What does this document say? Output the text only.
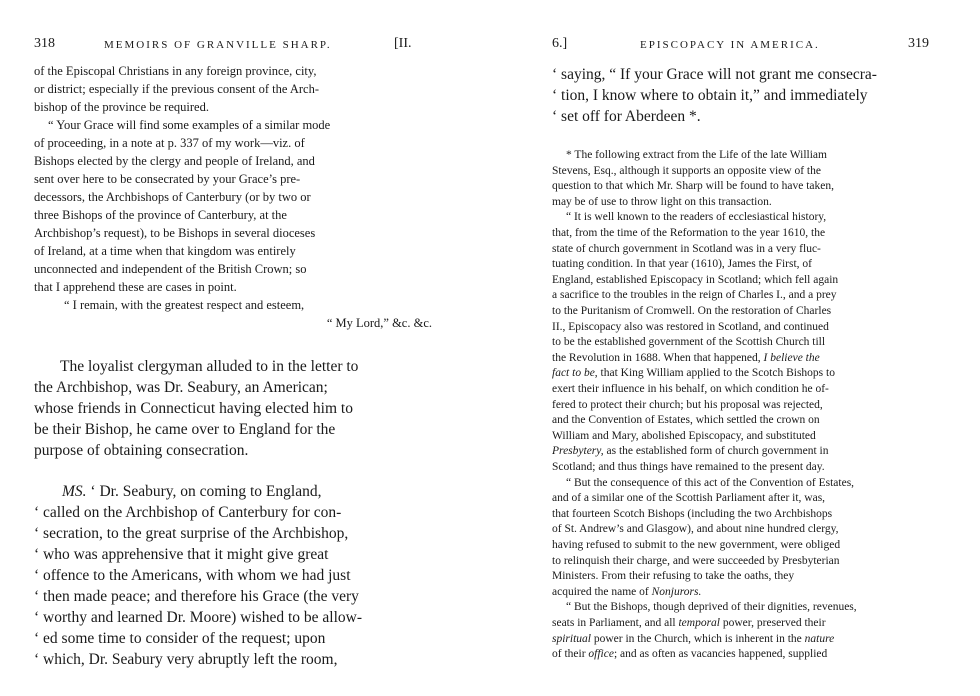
318	MEMOIRS OF GRANVILLE SHARP.	[II.
of the Episcopal Christians in any foreign province, city,
or district; especially if the previous consent of the Arch-
bishop of the province be required.
“ Your Grace will find some examples of a similar mode
of proceeding, in a note at p. 337 of my work—viz. of
Bishops elected by the clergy and people of Ireland, and
sent over here to be consecrated by your Grace’s pre-
decessors, the Archbishops of Canterbury (or by two or
three Bishops of the province of Canterbury, at the
Archbishop’s request), to be Bishops in several dioceses
of Ireland, at a time when that kingdom was entirely
unconnected and independent of the British Crown; so
that I apprehend these are cases in point.
“ I remain, with the greatest respect and esteem,
“ My Lord,” &c. &c.
The loyalist clergyman alluded to in the letter to
the Archbishop, was Dr. Seabury, an American;
whose friends in Connecticut having elected him to
be their Bishop, he came over to England for the
purpose of obtaining consecration.
MS. ‘ Dr. Seabury, on coming to England,
‘ called on the Archbishop of Canterbury for con-
‘ secration, to the great surprise of the Archbishop,
‘ who was apprehensive that it might give great
‘ offence to the Americans, with whom we had just
‘ then made peace; and therefore his Grace (the very
‘ worthy and learned Dr. Moore) wished to be allow-
‘ ed some time to consider of the request; upon
‘ which, Dr. Seabury very abruptly left the room,
6.]	EPISCOPACY IN AMERICA.	319
‘ saying, “ If your Grace will not grant me consecra-
‘ tion, I know where to obtain it,” and immediately
‘ set off for Aberdeen *.
* The following extract from the Life of the late William
Stevens, Esq., although it supports an opposite view of the
question to that which Mr. Sharp will be found to have taken,
may be of use to throw light on this transaction.
“ It is well known to the readers of ecclesiastical history,
that, from the time of the Reformation to the year 1610, the
state of church government in Scotland was in a very fluc-
tuating condition. In that year (1610), James the First, of
England, established Episcopacy in Scotland; which fell again
a sacrifice to the troubles in the reign of Charles I., and a prey
to the Puritanism of Cromwell. On the restoration of Charles
II., Episcopacy also was restored in Scotland, and continued
to be the established government of the Scottish Church till
the Revolution in 1688. When that happened, I believe the
fact to be, that King William applied to the Scotch Bishops to
exert their influence in his behalf, on which condition he of-
fered to protect their church; but his proposal was rejected,
and the Convention of Estates, which settled the crown on
William and Mary, abolished Episcopacy, and substituted
Presbytery, as the established form of church government in
Scotland; and thus things have remained to the present day.
“ But the consequence of this act of the Convention of Estates,
and of a similar one of the Scottish Parliament after it, was,
that fourteen Scotch Bishops (including the two Archbishops
of St. Andrew’s and Glasgow), and about nine hundred clergy,
having refused to submit to the new government, were obliged
to relinquish their charge, and were succeeded by Presbyterian
Ministers. From their refusing to take the oaths, they
acquired the name of Nonjurors.
“ But the Bishops, though deprived of their dignities, revenues,
seats in Parliament, and all temporal power, preserved their
spiritual power in the Church, which is inherent in the nature
of their office; and as often as vacancies happened, supplied
